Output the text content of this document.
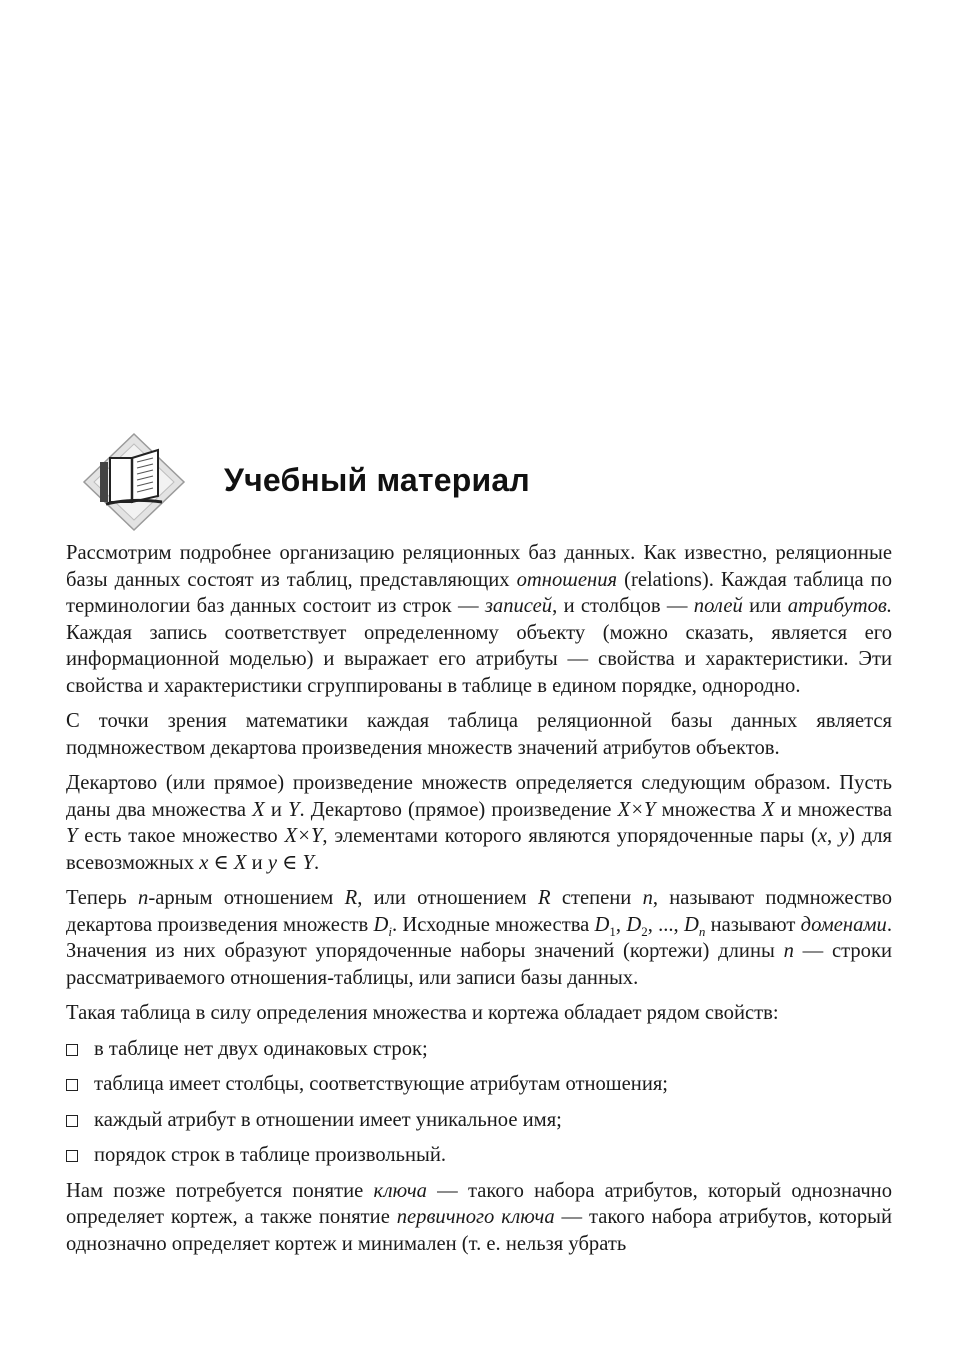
Учебный материал

Рассмотрим подробнее организацию реляционных баз данных. Как известно, реляционные базы данных состоят из таблиц, представляющих отношения (relations). Каждая таблица по терминологии баз данных состоит из строк — записей, и столбцов — полей или атрибутов. Каждая запись соответствует определенному объекту (можно сказать, является его информационной моделью) и выражает его атрибуты — свойства и характеристики. Эти свойства и характеристики сгруппированы в таблице в едином порядке, однородно.

С точки зрения математики каждая таблица реляционной базы данных является подмножеством декартова произведения множеств значений атрибутов объектов.

Декартово (или прямое) произведение множеств определяется следующим образом. Пусть даны два множества X и Y. Декартово (прямое) произведение X×Y множества X и множества Y есть такое множество X×Y, элементами которого являются упорядоченные пары (x, y) для всевозможных x ∈ X и y ∈ Y.

Теперь n-арным отношением R, или отношением R степени n, называют подмножество декартова произведения множеств $D_i$. Исходные множества $D_1$, $D_2$, ..., $D_n$ называют доменами. Значения из них образуют упорядоченные наборы значений (кортежи) длины n — строки рассматриваемого отношения-таблицы, или записи базы данных.

Такая таблица в силу определения множества и кортежа обладает рядом свойств:

в таблице нет двух одинаковых строк;
таблица имеет столбцы, соответствующие атрибутам отношения;
каждый атрибут в отношении имеет уникальное имя;
порядок строк в таблице произвольный.

Нам позже потребуется понятие ключа — такого набора атрибутов, который однозначно определяет кортеж, а также понятие первичного ключа — такого набора атрибутов, который однозначно определяет кортеж и минимален (т. е. нельзя убрать
